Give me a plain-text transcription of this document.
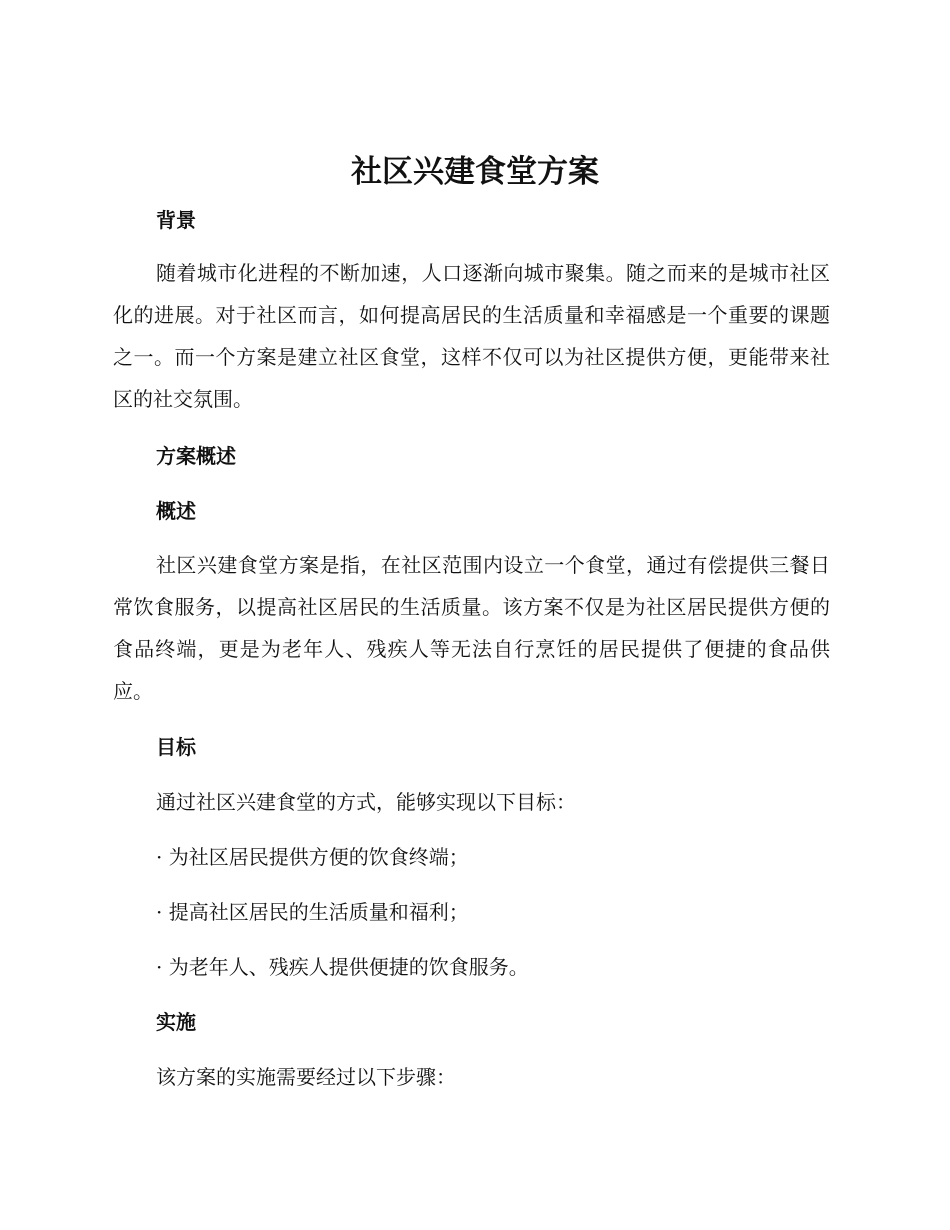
社区兴建食堂方案
背景

随着城市化进程的不断加速，人口逐渐向城市聚集。随之而来的是城市社区化的进展。对于社区而言，如何提高居民的生活质量和幸福感是一个重要的课题之一。而一个方案是建立社区食堂，这样不仅可以为社区提供方便，更能带来社区的社交氛围。

方案概述
概述

社区兴建食堂方案是指，在社区范围内设立一个食堂，通过有偿提供三餐日常饮食服务，以提高社区居民的生活质量。该方案不仅是为社区居民提供方便的食品终端，更是为老年人、残疾人等无法自行烹饪的居民提供了便捷的食品供应。

目标

通过社区兴建食堂的方式，能够实现以下目标：

· 为社区居民提供方便的饮食终端；

· 提高社区居民的生活质量和福利；

· 为老年人、残疾人提供便捷的饮食服务。

实施

该方案的实施需要经过以下步骤：
